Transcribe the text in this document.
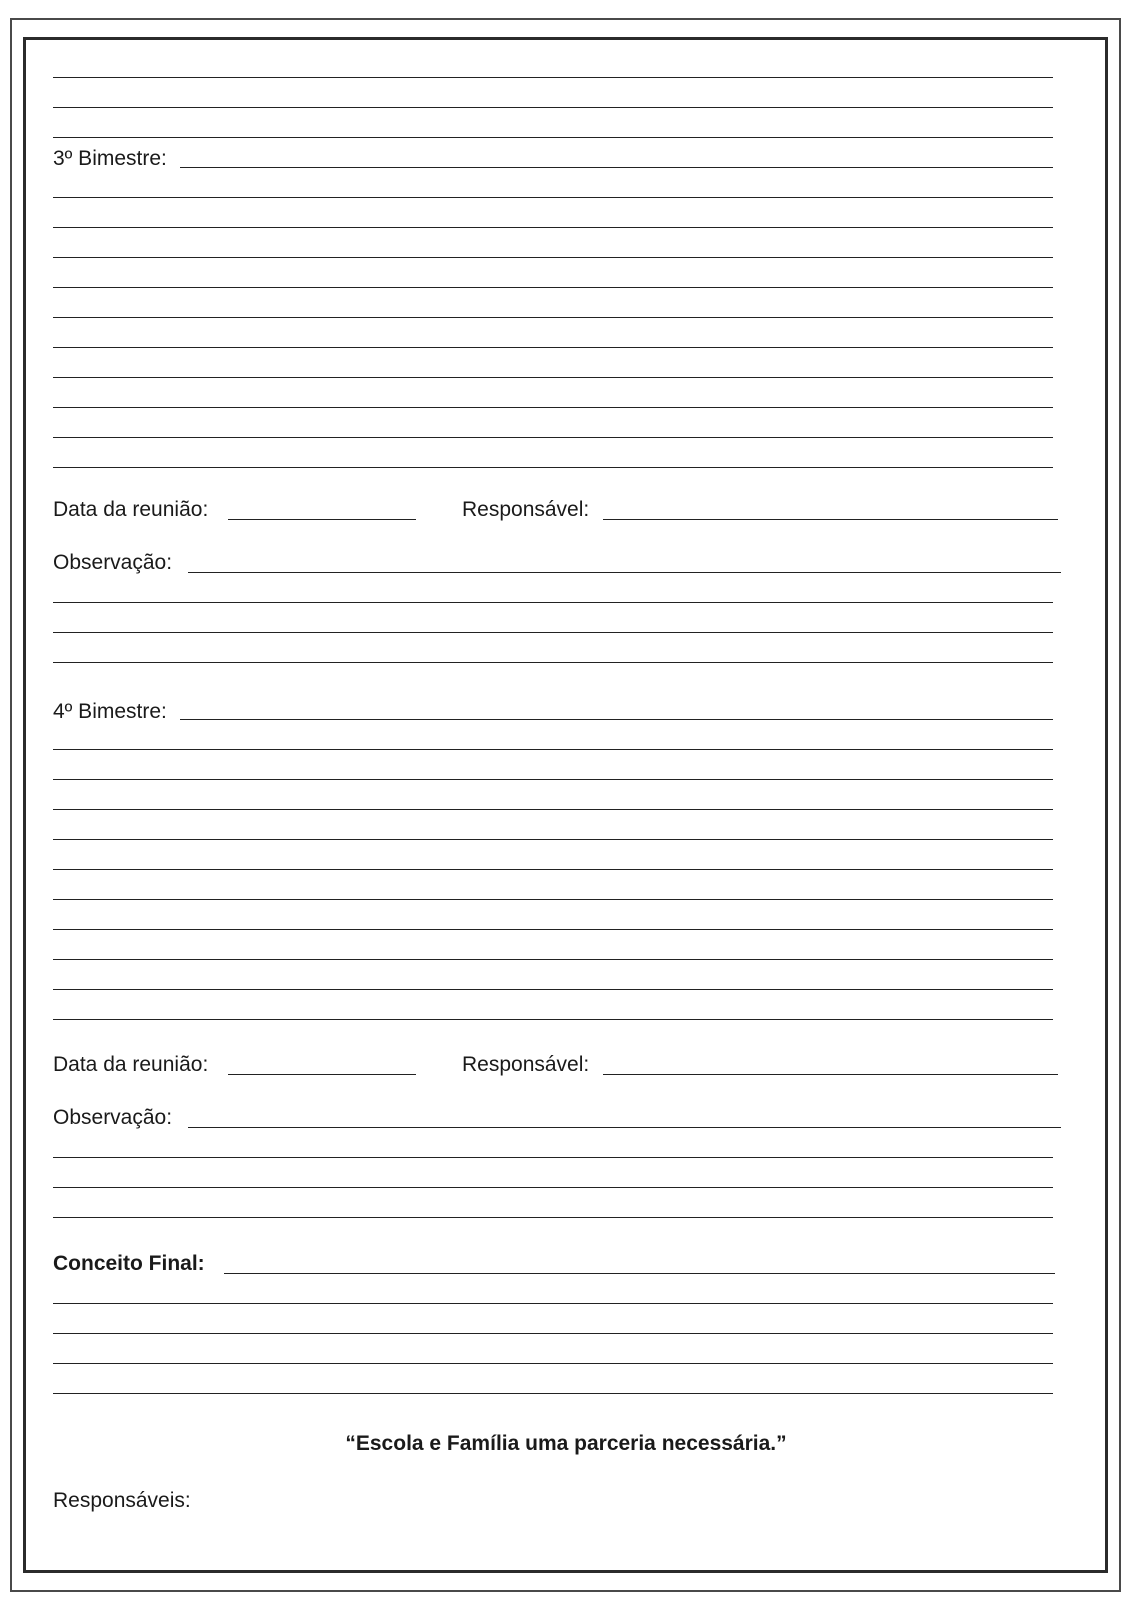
3º Bimestre:
Data da reunião:	Responsável:
Observação:
4º Bimestre:
Data da reunião:	Responsável:
Observação:
Conceito Final:
“Escola e Família uma parceria necessária.”
Responsáveis:
